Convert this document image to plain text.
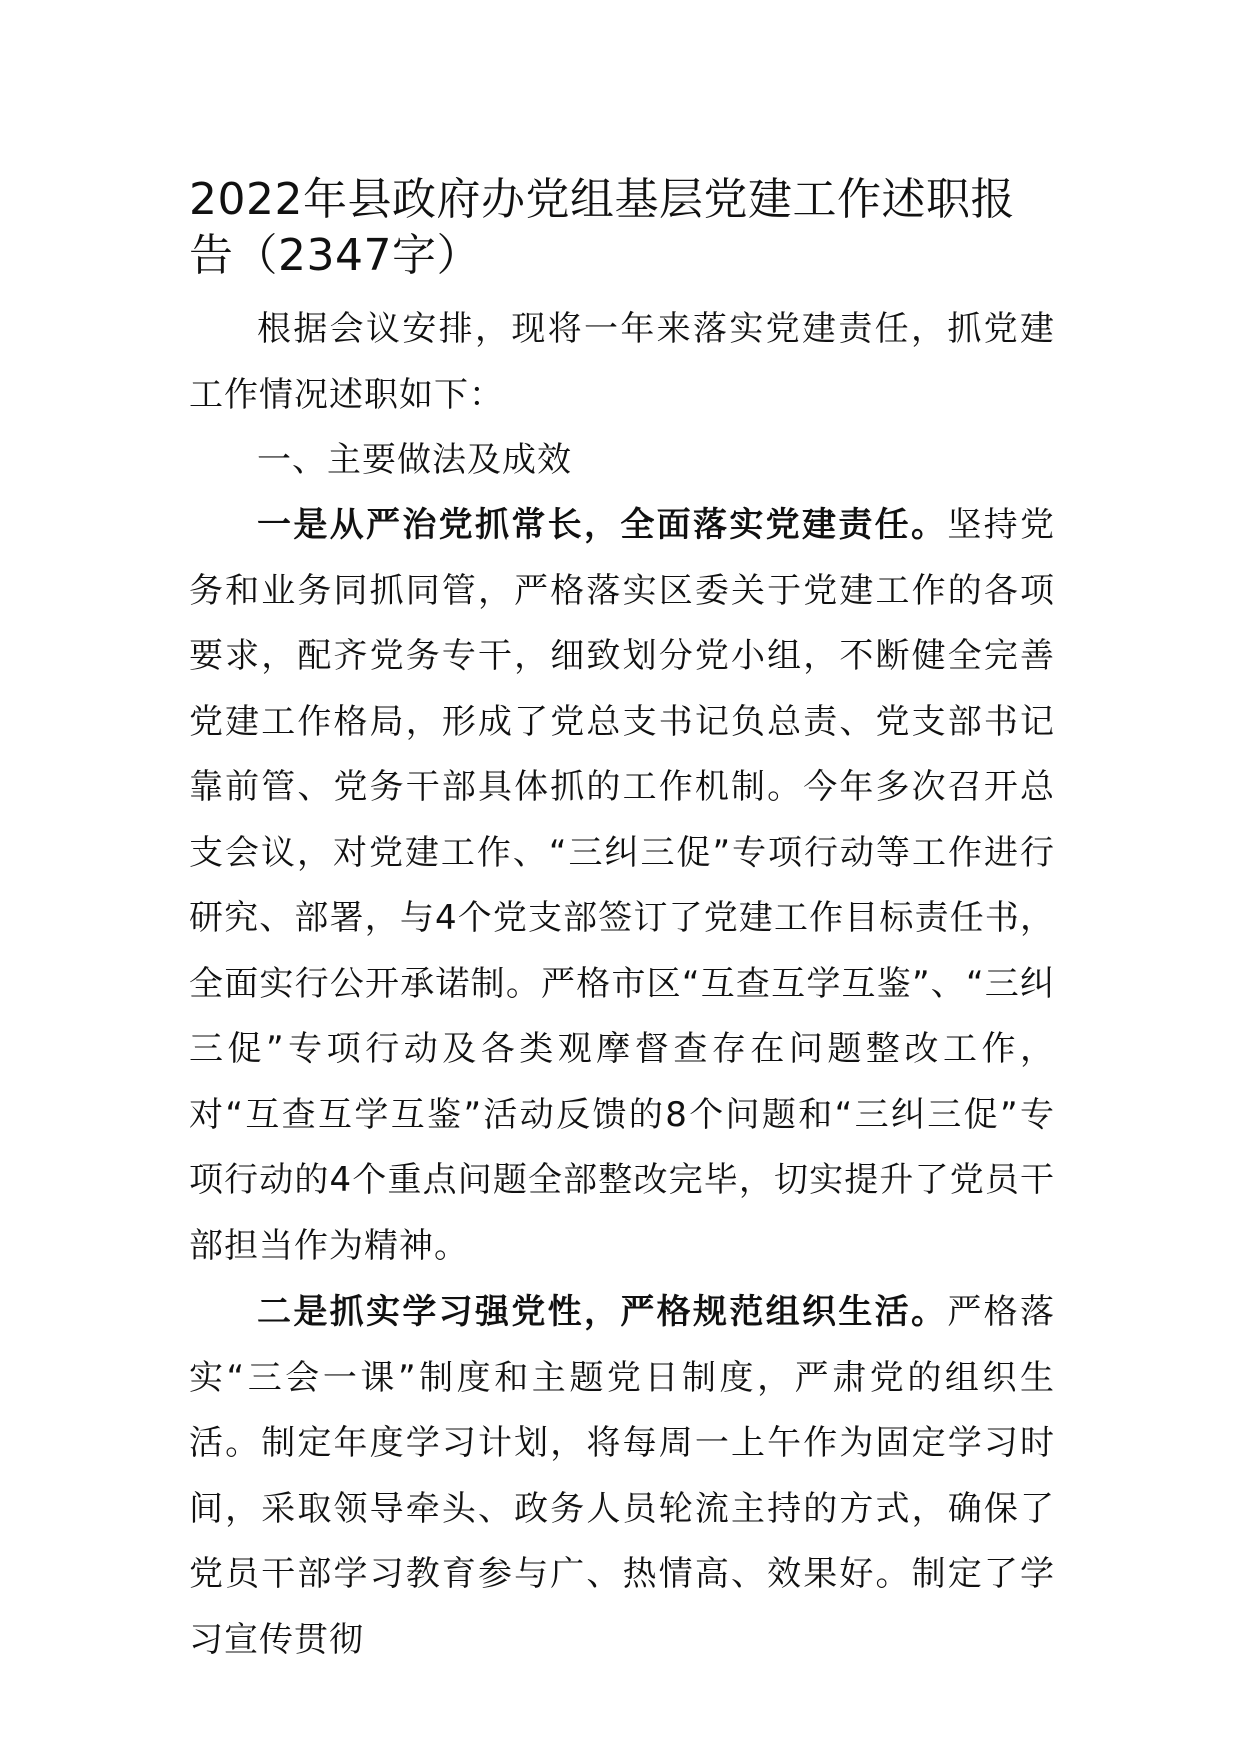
2022年县政府办党组基层党建工作述职报告（2347字）

根据会议安排，现将一年来落实党建责任，抓党建工作情况述职如下：

一、主要做法及成效

一是从严治党抓常长，全面落实党建责任。坚持党务和业务同抓同管，严格落实区委关于党建工作的各项要求，配齐党务专干，细致划分党小组，不断健全完善党建工作格局，形成了党总支书记负总责、党支部书记靠前管、党务干部具体抓的工作机制。今年多次召开总支会议，对党建工作、“三纠三促”专项行动等工作进行研究、部署，与4个党支部签订了党建工作目标责任书，全面实行公开承诺制。严格市区“互查互学互鉴”、“三纠三促”专项行动及各类观摩督查存在问题整改工作，对“互查互学互鉴”活动反馈的8个问题和“三纠三促”专项行动的4个重点问题全部整改完毕，切实提升了党员干部担当作为精神。

二是抓实学习强党性，严格规范组织生活。严格落实“三会一课”制度和主题党日制度，严肃党的组织生活。制定年度学习计划，将每周一上午作为固定学习时间，采取领导牵头、政务人员轮流主持的方式，确保了党员干部学习教育参与广、热情高、效果好。制定了学习宣传贯彻
